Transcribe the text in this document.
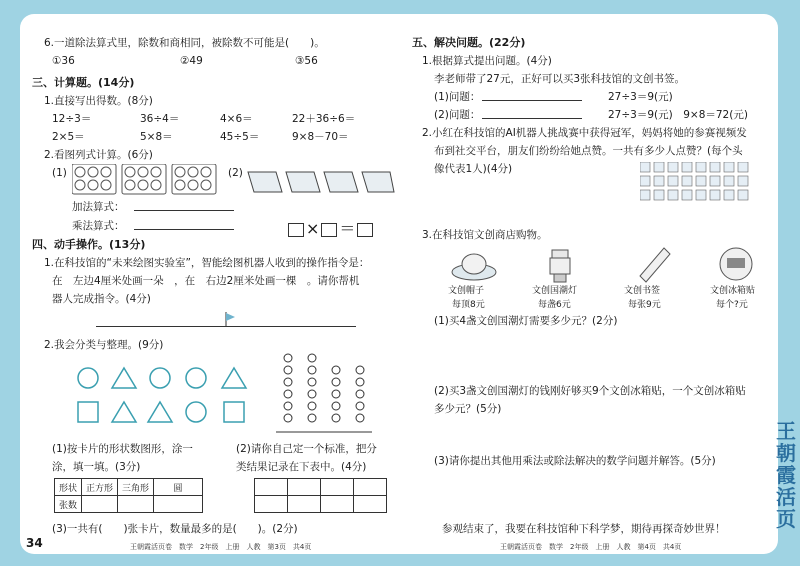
6.一道除法算式里，除数和商相同，被除数不可能是(　　)。
①36	②49	③56
三、计算题。(14分)
1.直接写出得数。(8分)
12÷3＝	36÷4＝	4×6＝	22＋36÷6＝
2×5＝	5×8＝	45÷5＝	9×8－70＝
2.看图列式计算。(6分)
(1)	(2)
加法算式：
乘法算式：	× ＝
四、动手操作。(13分)
1.在科技馆的“未来绘图实验室”，智能绘图机器人收到的操作指令是：
在　左边4厘米处画一朵　，在　右边2厘米处画一棵　。请你帮机
器人完成指令。(4分)
2.我会分类与整理。(9分)
(1)按卡片的形状数图形，涂一
涂，填一填。(3分)
(2)请你自己定一个标准，把分
类结果记录在下表中。(4分)
形状	正方形	三角形	圆
张数			

(3)一共有(　　)张卡片，数量最多的是(　　)。(2分)
34	王朝霞活页卷　数学　2年级　上册　人教　第3页　共4页
五、解决问题。(22分)
1.根据算式提出问题。(4分)
李老师带了27元，正好可以买3张科技馆的文创书签。
(1)问题：	27÷3＝9(元)
(2)问题：	27÷3＝9(元)　9×8＝72(元)
2.小红在科技馆的AI机器人挑战赛中获得冠军，妈妈将她的参赛视频发
布到社交平台，朋友们纷纷给她点赞。一共有多少人点赞？(每个头
像代表1人)(4分)
3.在科技馆文创商店购物。
文创帽子
每顶8元
文创国潮灯
每盏6元
文创书签
每张9元
文创冰箱贴
每个?元
(1)买4盏文创国潮灯需要多少元？(2分)
(2)买3盏文创国潮灯的钱刚好够买9个文创冰箱贴，一个文创冰箱贴
多少元？(5分)
(3)请你提出其他用乘法或除法解决的数学问题并解答。(5分)
参观结束了，我要在科技馆种下科学梦，期待再探奇妙世界！
王朝霞活页卷　数学　2年级　上册　人教　第4页　共4页
王朝霞活页
